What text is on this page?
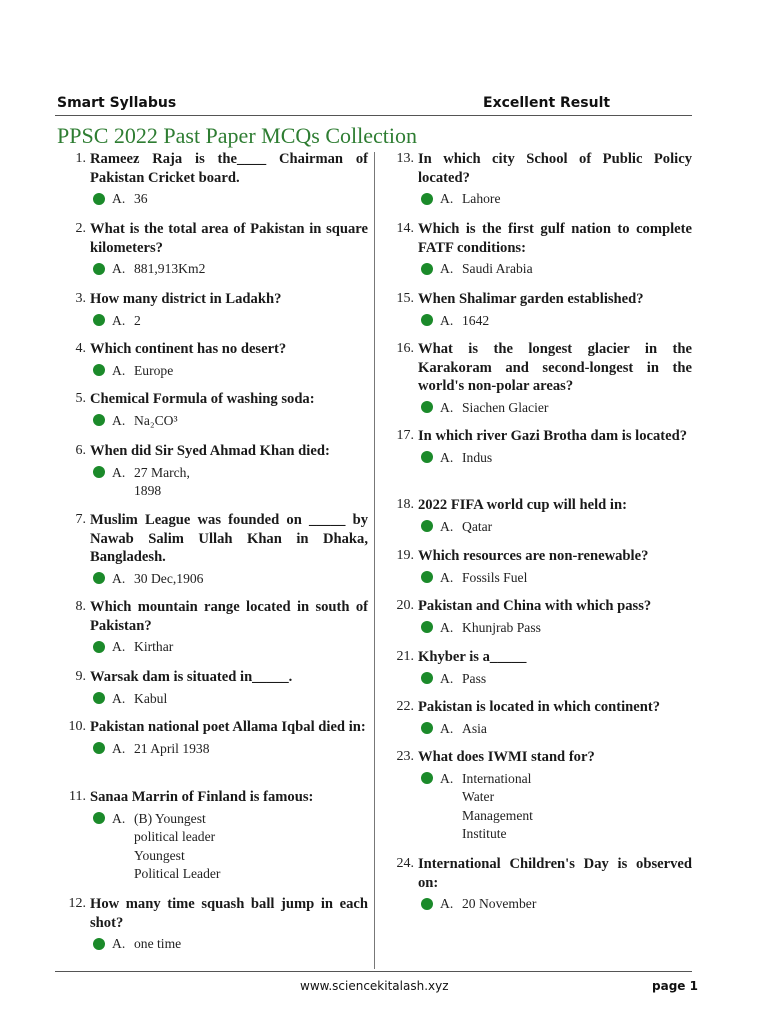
Smart Syllabus	Excellent Result
PPSC 2022 Past Paper MCQs Collection
1. Rameez Raja is the____ Chairman of Pakistan Cricket board.
A. 36
2. What is the total area of Pakistan in square kilometers?
A. 881,913Km2
3. How many district in Ladakh?
A. 2
4. Which continent has no desert?
A. Europe
5. Chemical Formula of washing soda:
A. Na₂CO³
6. When did Sir Syed Ahmad Khan died:
A. 27 March,
1898
7. Muslim League was founded on _____ by Nawab Salim Ullah Khan in Dhaka, Bangladesh.
A. 30 Dec,1906
8. Which mountain range located in south of Pakistan?
A. Kirthar
9. Warsak dam is situated in_____.
A. Kabul
10. Pakistan national poet Allama Iqbal died in:
A. 21 April 1938
11. Sanaa Marrin of Finland is famous:
A. (B) Youngest
political leader
Youngest
Political Leader
12. How many time squash ball jump in each shot?
A. one time
13. In which city School of Public Policy located?
A. Lahore
14. Which is the first gulf nation to complete FATF conditions:
A. Saudi Arabia
15. When Shalimar garden established?
A. 1642
16. What is the longest glacier in the Karakoram and second-longest in the world's non-polar areas?
A. Siachen Glacier
17. In which river Gazi Brotha dam is located?
A. Indus
18. 2022 FIFA world cup will held in:
A. Qatar
19. Which resources are non-renewable?
A. Fossils Fuel
20. Pakistan and China with which pass?
A. Khunjrab Pass
21. Khyber is a_____
A. Pass
22. Pakistan is located in which continent?
A. Asia
23. What does IWMI stand for?
A. International
Water
Management
Institute
24. International Children's Day is observed on:
A. 20 November
www.sciencekitalash.xyz	page 1
